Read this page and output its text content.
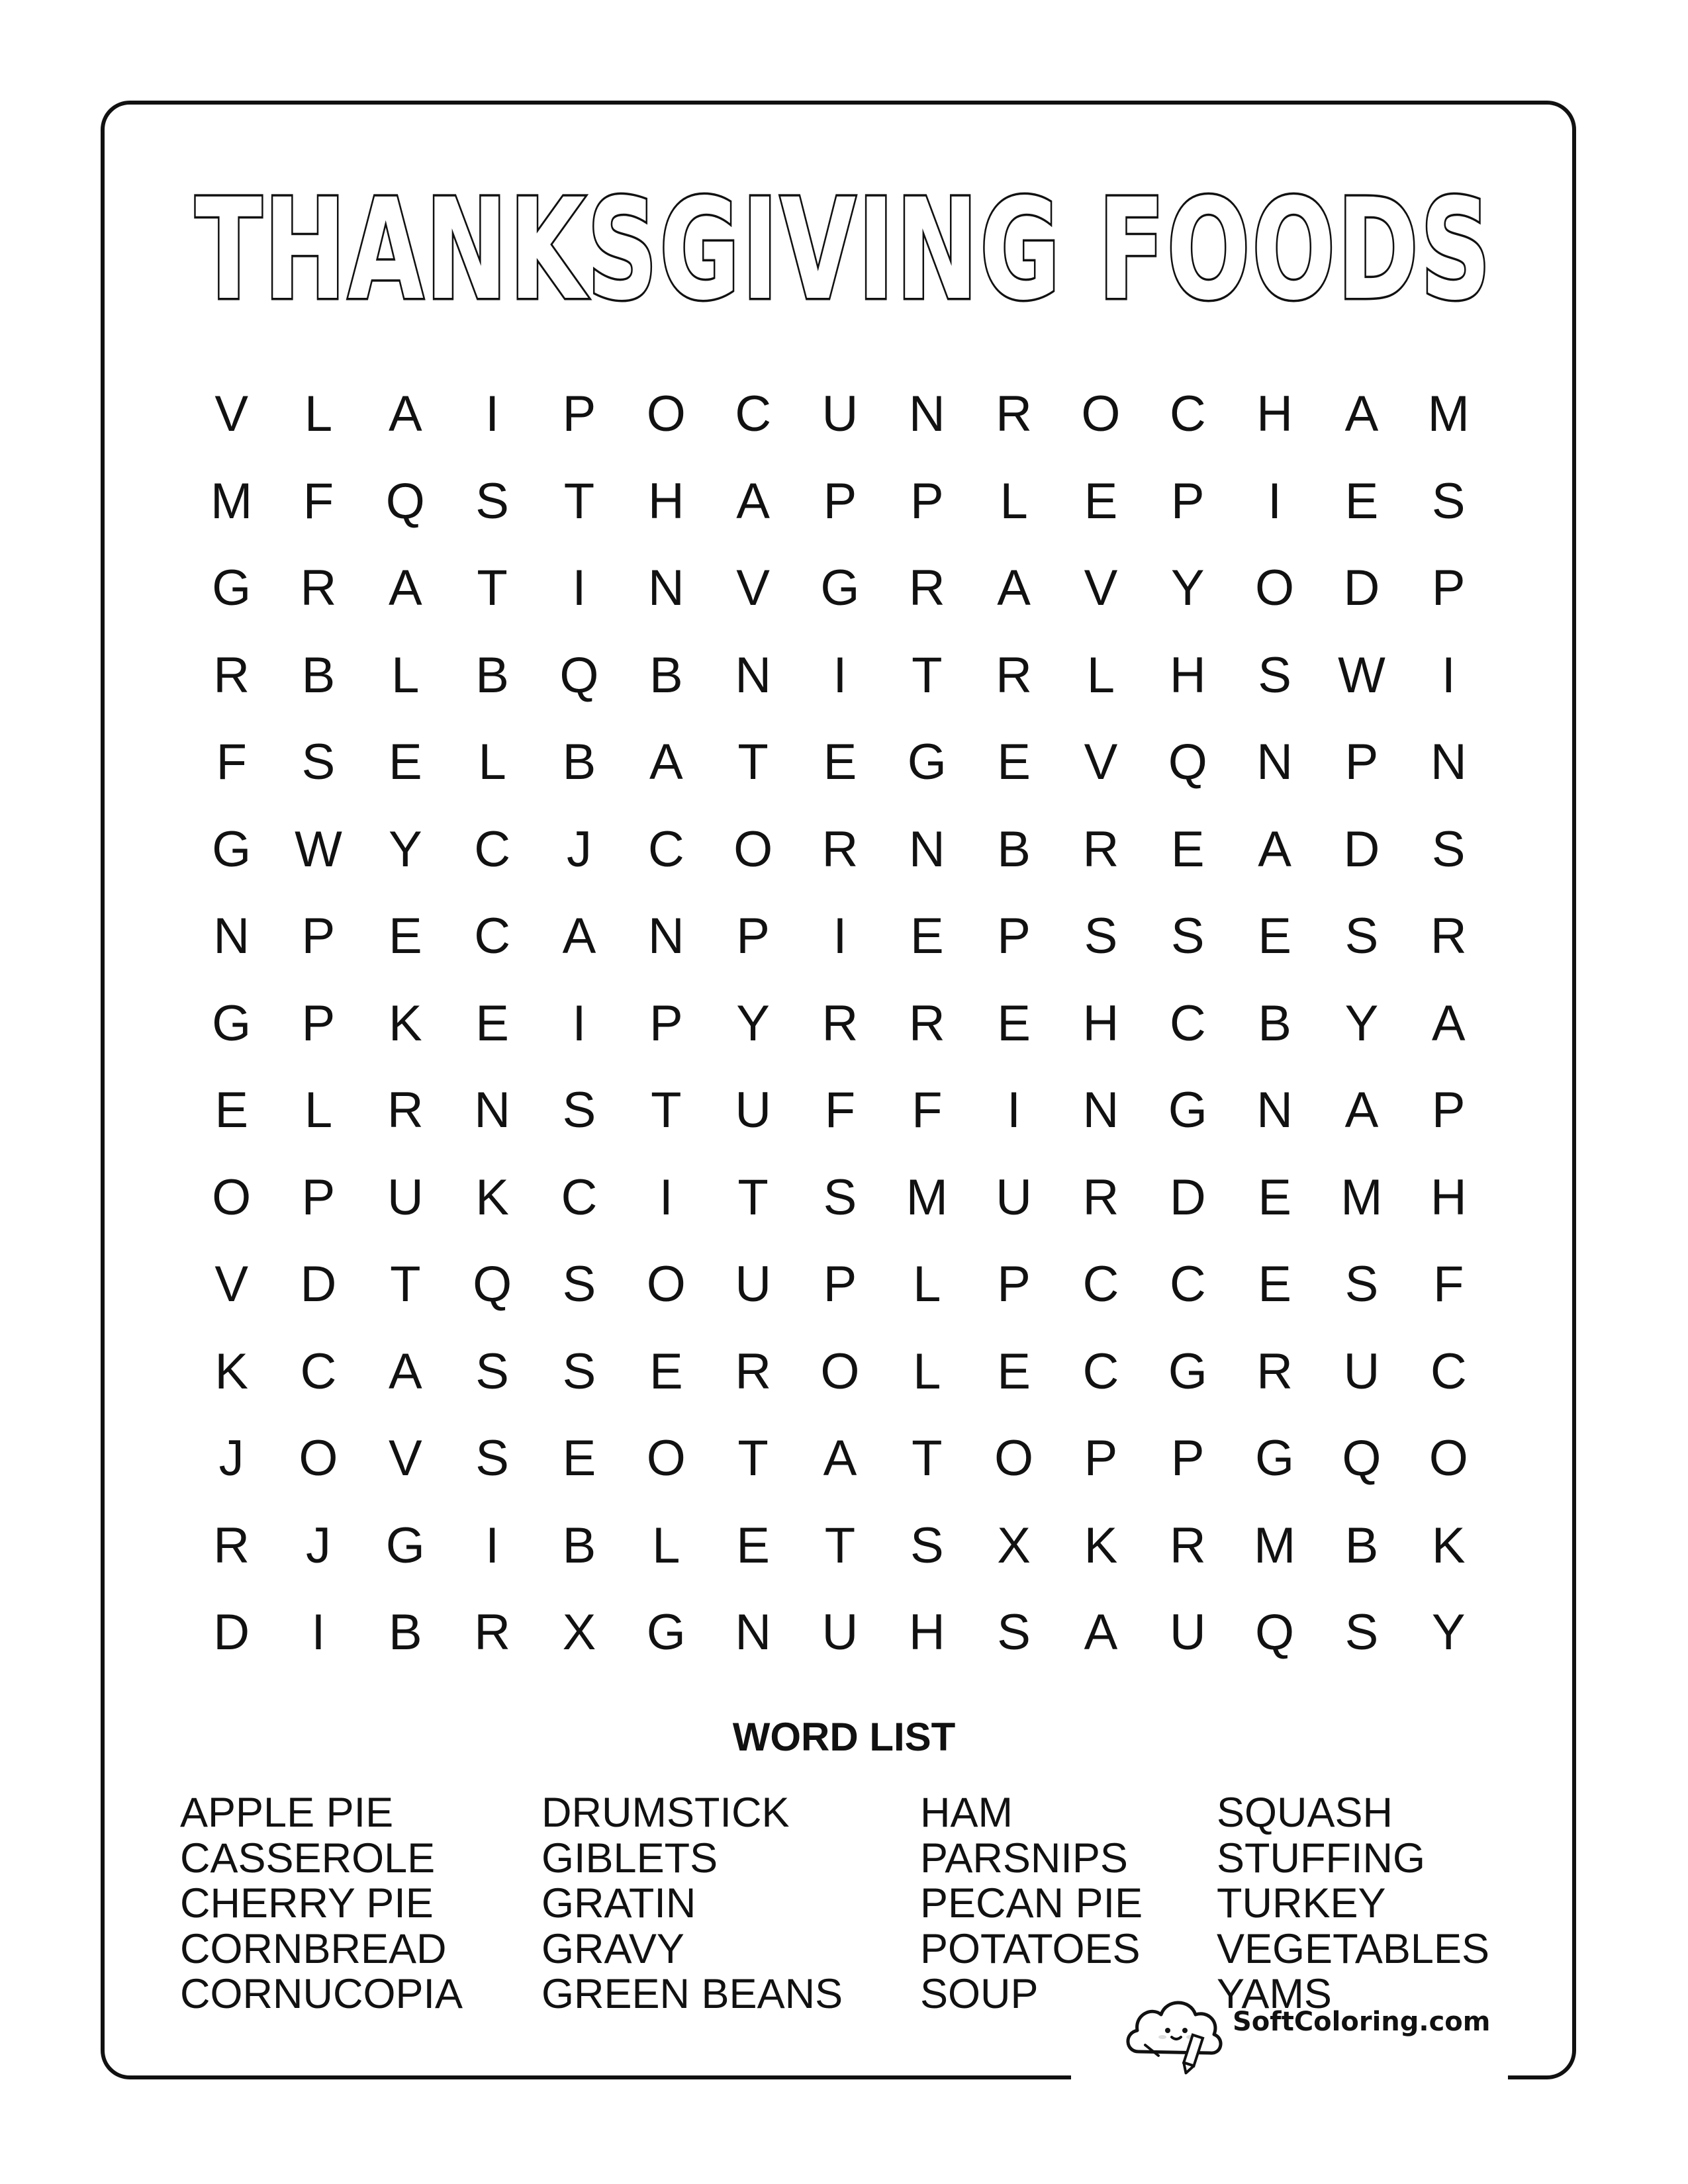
THANKSGIVING FOODS
V	L	A	I	P	O C	U	N	R O C	H	A M
M	F	Q	S	T	H	A	P	P	L	E	P	I	E	S
G R	A	T	I	N	V	G R	A	V	Y	O D	P
R	B	L	B	Q	B	N	I	T	R	L	H	S W	I
F	S	E	L	B	A	T	E	G	E	V	Q N	P	N
G W Y	C	J	C O R	N	B	R	E	A	D	S
N	P	E	C	A	N	P	I	E	P	S	S	E	S	R
G	P	K	E	I	P	Y	R	R	E	H	C	B	Y	A
E	L	R	N	S	T	U	F	F	I	N G N	A	P
O	P	U	K	C	I	T	S M U	R	D	E M H
V	D	T	Q	S	O U	P	L	P	C	C	E	S	F
K	C	A	S	S	E	R O	L	E	C G R	U	C
J	O	V	S	E	O	T	A	T	O	P	P	G Q O
R	J	G	I	B	L	E	T	S	X	K	R M B	K
D	I	B	R	X	G N	U	H	S	A	U Q	S	Y
WORD LIST
APPLE PIE
CASSEROLE
CHERRY PIE
CORNBREAD
CORNUCOPIA
DRUMSTICK
GIBLETS
GRATIN
GRAVY
GREEN BEANS
HAM
PARSNIPS
PECAN PIE
POTATOES
SOUP
SQUASH
STUFFING
TURKEY
VEGETABLES
YAMS
SoftColoring.com
